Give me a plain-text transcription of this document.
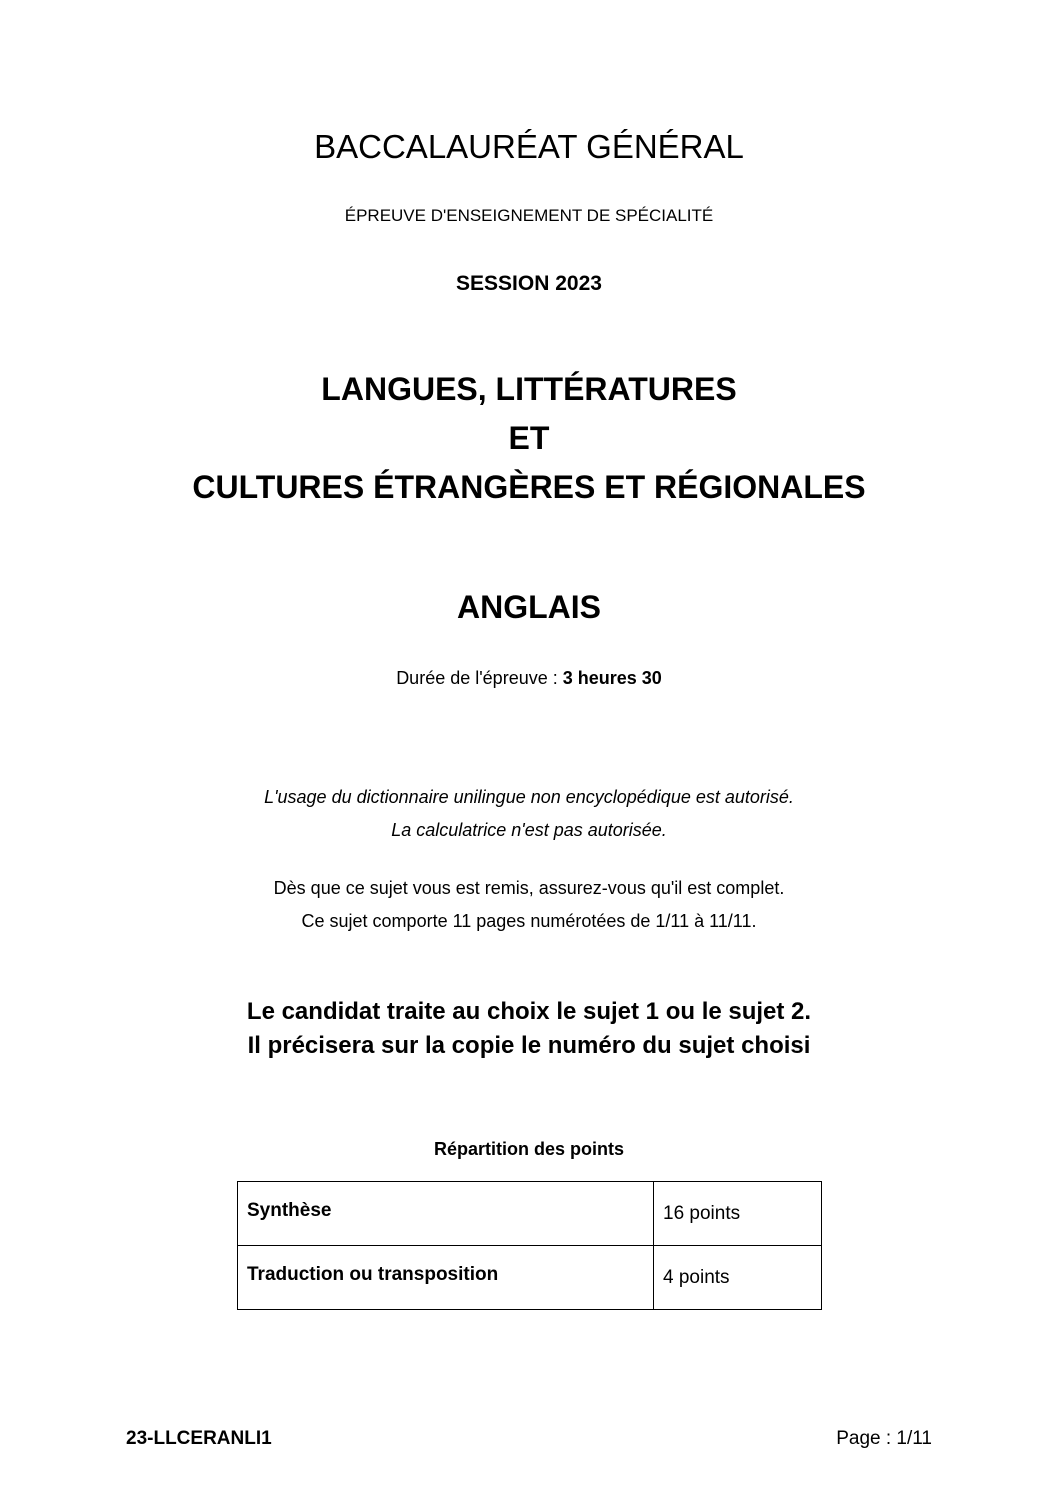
BACCALAURÉAT GÉNÉRAL
ÉPREUVE D'ENSEIGNEMENT DE SPÉCIALITÉ
SESSION 2023
LANGUES, LITTÉRATURES
ET
CULTURES ÉTRANGÈRES ET RÉGIONALES
ANGLAIS
Durée de l'épreuve : 3 heures 30
L'usage du dictionnaire unilingue non encyclopédique est autorisé.
La calculatrice n'est pas autorisée.
Dès que ce sujet vous est remis, assurez-vous qu'il est complet.
Ce sujet comporte 11 pages numérotées de 1/11 à 11/11.
Le candidat traite au choix le sujet 1 ou le sujet 2.
Il précisera sur la copie le numéro du sujet choisi
Répartition des points
Synthèse	16 points
Traduction ou transposition	4 points
23-LLCERANLI1	Page : 1/11
